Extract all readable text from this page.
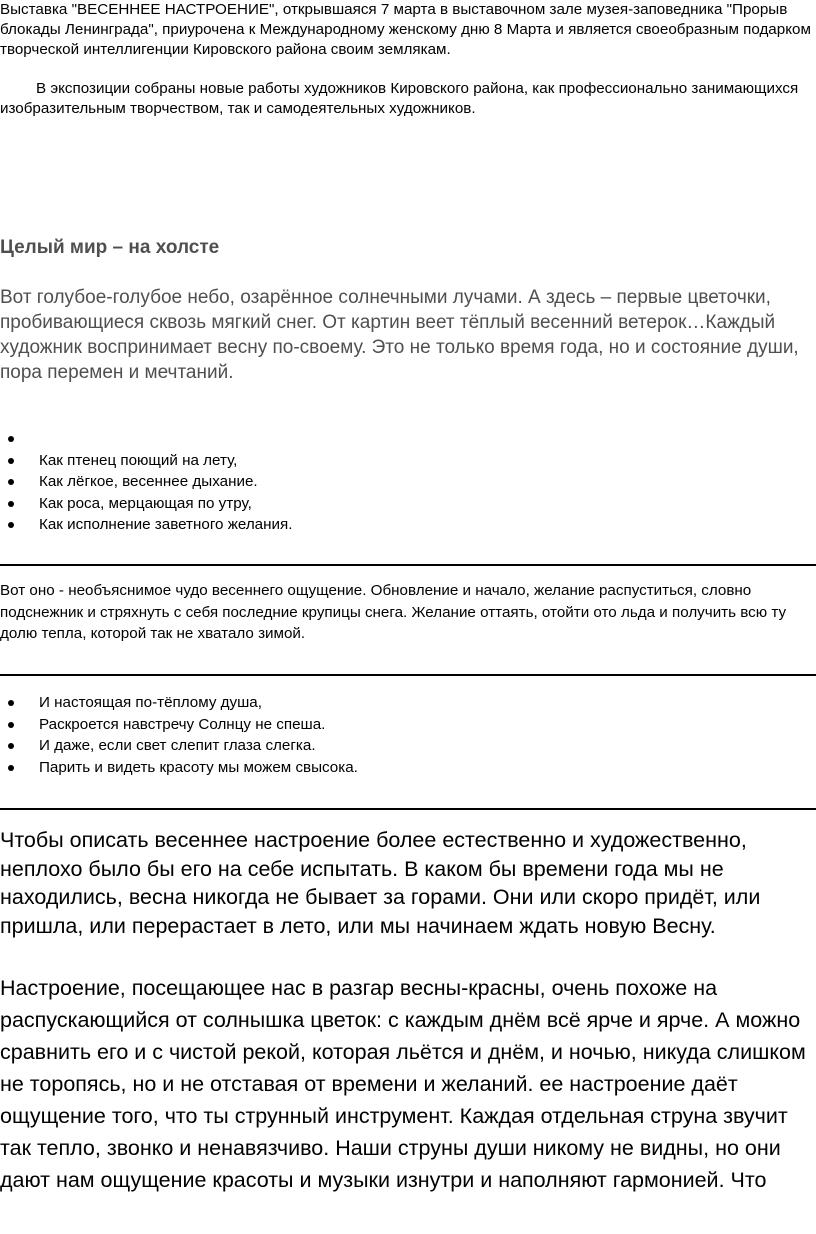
Выставка "ВЕСЕННЕЕ НАСТРОЕНИЕ", открывшаяся 7 марта в выставочном зале музея-заповедника "Прорыв блокады Ленинграда", приурочена к Международному женскому дню 8 Марта и является своеобразным подарком творческой интеллигенции Кировского района своим землякам.

В экспозиции собраны новые работы художников Кировского района, как профессионально занимающихся изобразительным творчеством, так и самодеятельных художников.

Целый мир – на холсте

Вот голубое-голубое небо, озарённое солнечными лучами. А здесь – первые цветочки, пробивающиеся сквозь мягкий снег. От картин веет тёплый весенний ветерок…Каждый художник воспринимает весну по-своему. Это не только время года, но и состояние души, пора перемен и мечтаний.

Как птенец поющий на лету,
Как лёгкое, весеннее дыхание.
Как роса, мерцающая по утру,
Как исполнение заветного желания.

Вот оно - необъяснимое чудо весеннего ощущение. Обновление и начало, желание распуститься, словно подснежник и стряхнуть с себя последние крупицы снега. Желание оттаять, отойти ото льда и получить всю ту долю тепла, которой так не хватало зимой.

И настоящая по-тёплому душа,
Раскроется навстречу Солнцу не спеша.
И даже, если свет слепит глаза слегка.
Парить и видеть красоту мы можем свысока.

Чтобы описать весеннее настроение более естественно и художественно, неплохо было бы его на себе испытать. В каком бы времени года мы не находились, весна никогда не бывает за горами. Они или скоро придёт, или пришла, или перерастает в лето, или мы начинаем ждать новую Весну.

Настроение, посещающее нас в разгар весны-красны, очень похоже на распускающийся от солнышка цветок: с каждым днём всё ярче и ярче. А можно сравнить его и с чистой рекой, которая льётся и днём, и ночью, никуда слишком не торопясь, но и не отставая от времени и желаний. ее настроение даёт ощущение того, что ты струнный инструмент. Каждая отдельная струна звучит так тепло, звонко и ненавязчиво. Наши струны души никому не видны, но они дают нам ощущение красоты и музыки изнутри и наполняют гармонией. Что
